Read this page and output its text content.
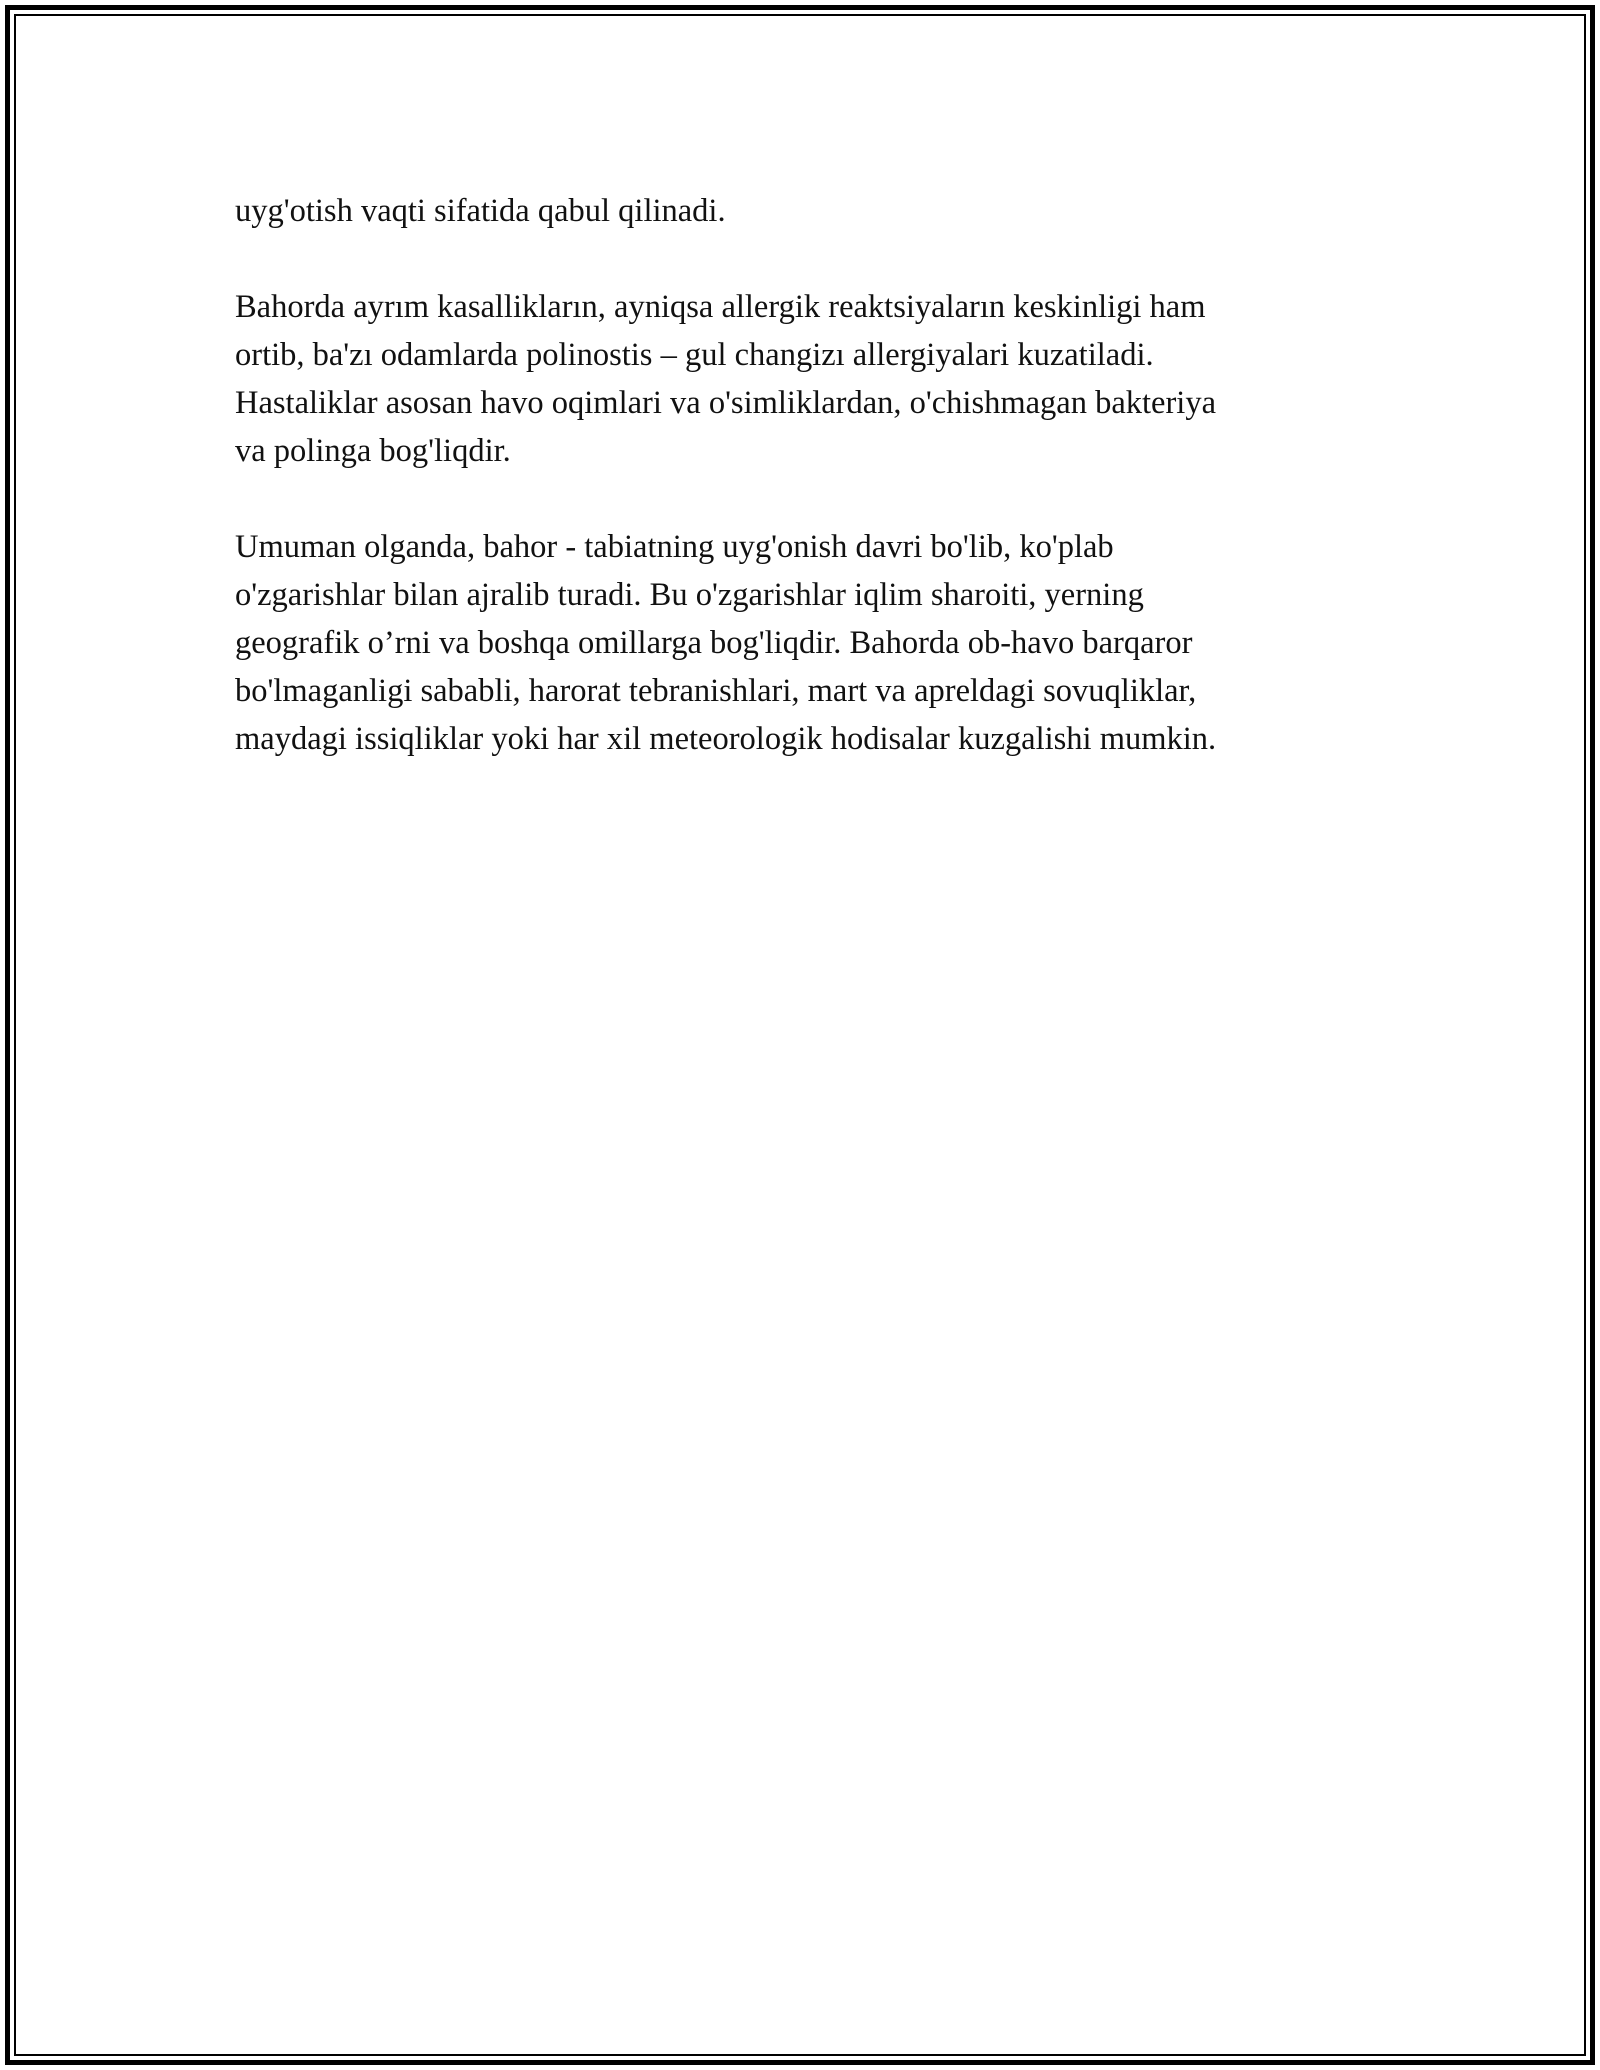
uyg'otish vaqti sifatida qabul qilinadi.

Bahorda ayrım kasallikların, ayniqsa allergik reaktsiyaların keskinligi ham
ortib, ba'zı odamlarda polinostis – gul changizı allergiyalari kuzatiladi.
Hastaliklar asosan havo oqimlari va o'simliklardan, o'chishmagan bakteriya
va polinga bog'liqdir.

Umuman olganda, bahor - tabiatning uyg'onish davri bo'lib, ko'plab
o'zgarishlar bilan ajralib turadi. Bu o'zgarishlar iqlim sharoiti, yerning
geografik o’rni va boshqa omillarga bog'liqdir. Bahorda ob-havo barqaror
bo'lmaganligi sababli, harorat tebranishlari, mart va apreldagi sovuqliklar,
maydagi issiqliklar yoki har xil meteorologik hodisalar kuzgalishi mumkin.
